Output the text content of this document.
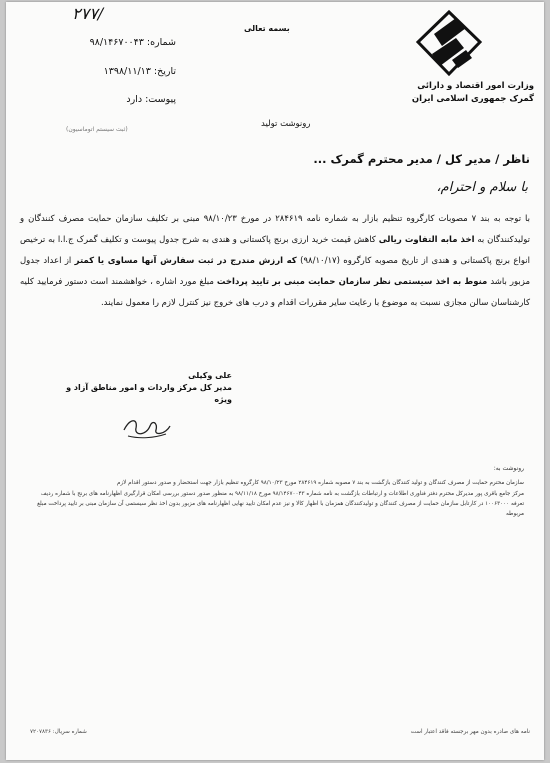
بسمه تعالی
وزارت امور اقتصاد و دارائی
گمرک جمهوری اسلامی ایران
۲۷۷/
شماره: ۹۸/۱۴۶۷۰۰۴۳
تاریخ: ۱۳۹۸/۱۱/۱۳
پیوست: دارد
(ثبت سیستم اتوماسیون)
رونوشت تولید
ناظر / مدیر کل / مدیر محترم گمرک ...
با سلام و احترام،
با توجه به بند ۷ مصوبات کارگروه تنظیم بازار به شماره نامه ۲۸۴۶۱۹ در مورخ ۹۸/۱۰/۲۳ مبنی بر تکلیف سازمان حمایت مصرف کنندگان و تولیدکنندگان به اخذ مابه التفاوت ریالی کاهش قیمت خرید ارزی برنج پاکستانی و هندی به شرح جدول پیوست و تکلیف گمرک ج.ا.ا به ترخیص انواع برنج پاکستانی و هندی از تاریخ مصوبه کارگروه (۹۸/۱۰/۱۷) که ارزش مندرج در ثبت سفارش آنها مساوی یا کمتر از اعداد جدول مزبور باشد منوط به اخذ سیستمی نظر سازمان حمایت مبنی بر تایید پرداخت مبلغ مورد اشاره ، خواهشمند است دستور فرمایید کلیه کارشناسان سالن مجازی نسبت به موضوع با رعایت سایر مقررات اقدام و درب های خروج نیز کنترل لازم را معمول نمایند.
علی وکیلی
مدیر کل مرکز واردات و امور مناطق آزاد و ویژه
رونوشت به:
سازمان محترم حمایت از مصرف کنندگان و تولید کنندگان بازگشت به بند ۷ مصوبه شماره ۲۸۴۶۱۹ مورخ ۹۸/۱۰/۲۳ کارگروه تنظیم بازار جهت استحضار و صدور دستور اقدام لازم
مرکز جامع باقری پور مدیرکل محترم دفتر فناوری اطلاعات و ارتباطات بازگشت به نامه شماره ۹۸/۱۴۶۷۰۰۴۳ مورخ ۹۸/۱۱/۱۸ به منظور صدور دستور بررسی امکان قرارگیری اظهارنامه های برنج با شماره ردیف تعرفه ۱۰۰۶۳۰۰۰ در کارتابل سازمان حمایت از مصرف کنندگان و تولیدکنندگان همزمان با اظهار کالا و نیز عدم امکان تایید نهایی اظهارنامه های مزبور بدون اخذ نظر سیستمی آن سازمان مبنی بر تایید پرداخت مبلغ مربوطه
نامه های صادره بدون مهر برجسته فاقد اعتبار است
شماره سریال: ۷۲۰۷۸۳۶
